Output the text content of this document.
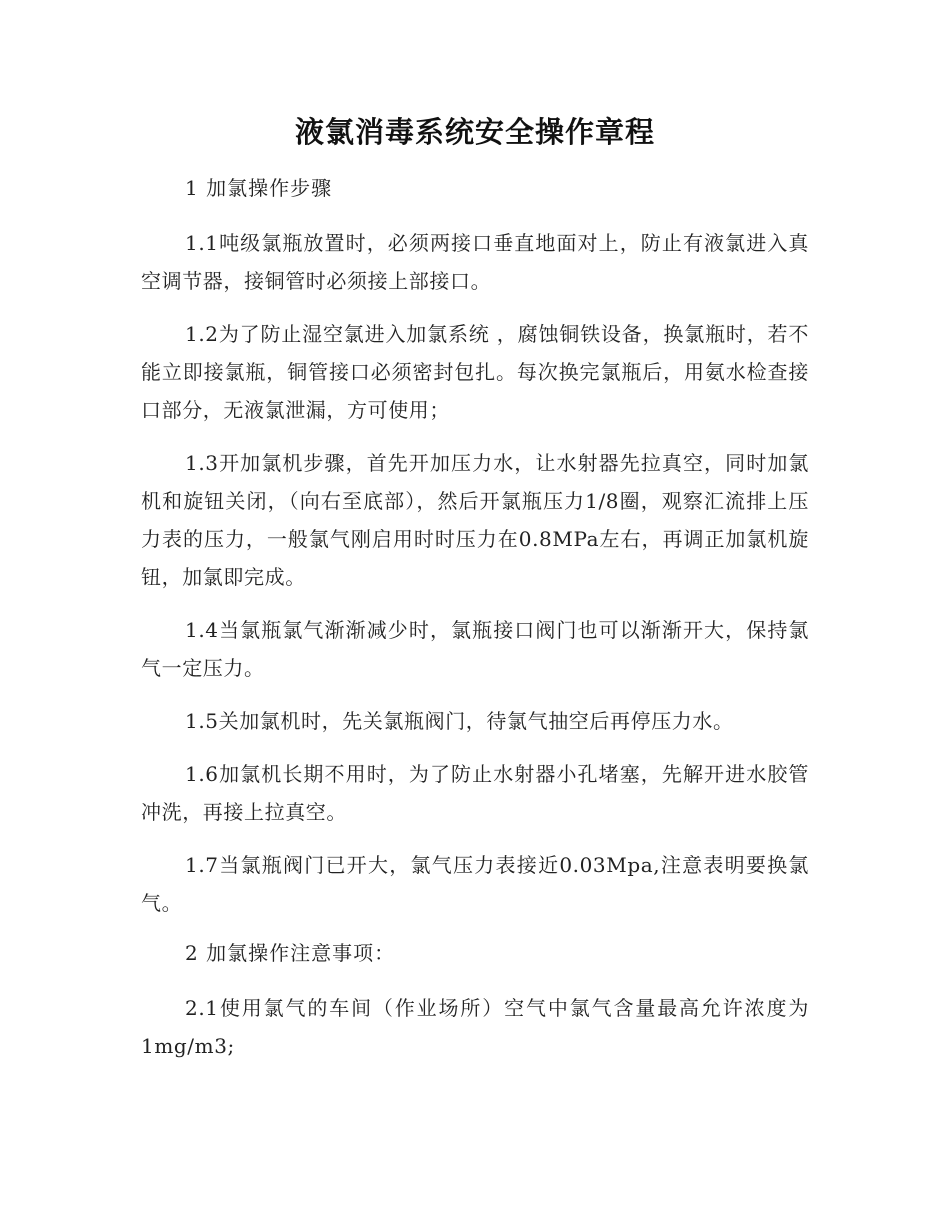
液氯消毒系统安全操作章程
1 加氯操作步骤

1.1吨级氯瓶放置时，必须两接口垂直地面对上，防止有液氯进入真空调节器，接铜管时必须接上部接口。

1.2为了防止湿空氯进入加氯系统 ，腐蚀铜铁设备，换氯瓶时，若不能立即接氯瓶，铜管接口必须密封包扎。每次换完氯瓶后，用氨水检查接口部分，无液氯泄漏，方可使用；

1.3开加氯机步骤，首先开加压力水，让水射器先拉真空，同时加氯机和旋钮关闭，（向右至底部），然后开氯瓶压力1/8圈，观察汇流排上压力表的压力，一般氯气刚启用时时压力在0.8MPa左右，再调正加氯机旋钮，加氯即完成。

1.4当氯瓶氯气渐渐减少时，氯瓶接口阀门也可以渐渐开大，保持氯气一定压力。

1.5关加氯机时，先关氯瓶阀门，待氯气抽空后再停压力水。

1.6加氯机长期不用时，为了防止水射器小孔堵塞，先解开进水胶管冲洗，再接上拉真空。

1.7当氯瓶阀门已开大，氯气压力表接近0.03Mpa,注意表明要换氯气。

2 加氯操作注意事项：

2.1使用氯气的车间（作业场所）空气中氯气含量最高允许浓度为1mg/m3;
